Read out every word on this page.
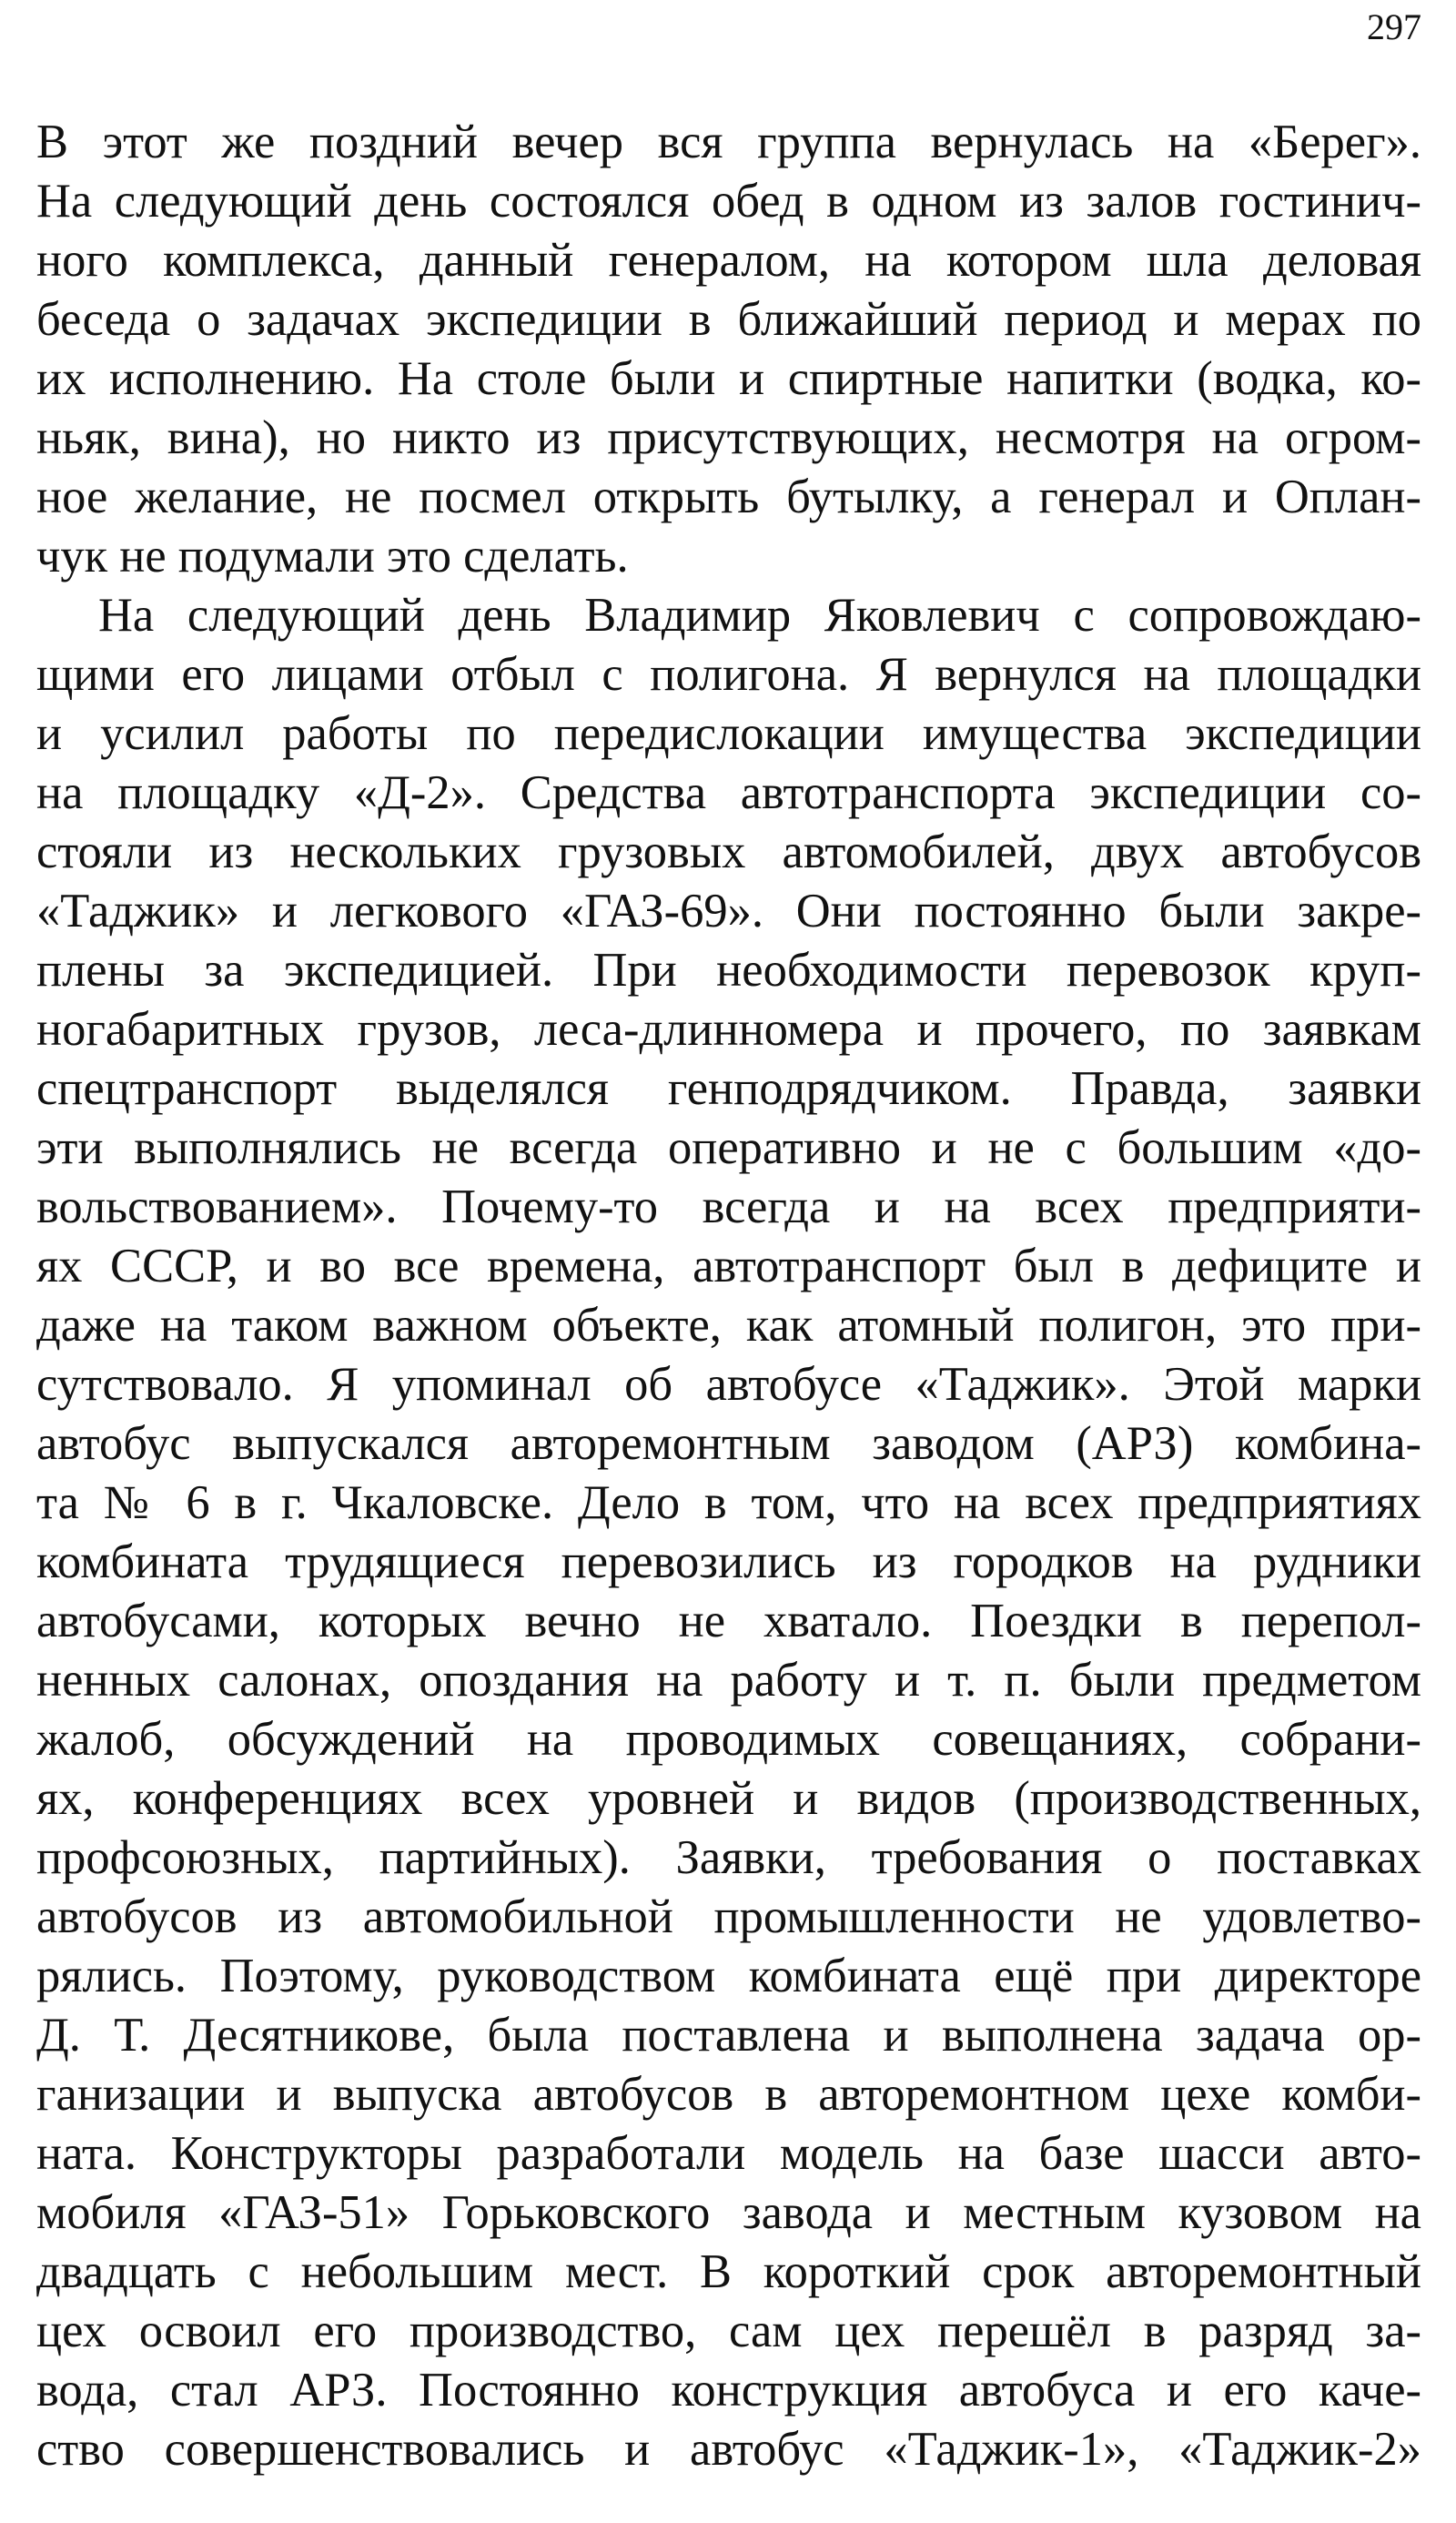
297
В этот же поздний вечер вся группа вернулась на «Берег».
На следующий день состоялся обед в одном из залов гостинич-
ного комплекса, данный генералом, на котором шла деловая
беседа о задачах экспедиции в ближайший период и мерах по
их исполнению. На столе были и спиртные напитки (водка, ко-
ньяк, вина), но никто из присутствующих, несмотря на огром-
ное желание, не посмел открыть бутылку, а генерал и Оплан-
чук не подумали это сделать.
На следующий день Владимир Яковлевич с сопровождаю-
щими его лицами отбыл с полигона. Я вернулся на площадки
и усилил работы по передислокации имущества экспедиции
на площадку «Д-2». Средства автотранспорта экспедиции со-
стояли из нескольких грузовых автомобилей, двух автобусов
«Таджик» и легкового «ГАЗ-69». Они постоянно были закре-
плены за экспедицией. При необходимости перевозок круп-
ногабаритных грузов, леса-длинномера и прочего, по заявкам
спецтранспорт выделялся генподрядчиком. Правда, заявки
эти выполнялись не всегда оперативно и не с большим «до-
вольствованием». Почему-то всегда и на всех предприяти-
ях СССР, и во все времена, автотранспорт был в дефиците и
даже на таком важном объекте, как атомный полигон, это при-
сутствовало. Я упоминал об автобусе «Таджик». Этой марки
автобус выпускался авторемонтным заводом (АРЗ) комбина-
та № 6 в г. Чкаловске. Дело в том, что на всех предприятиях
комбината трудящиеся перевозились из городков на рудники
автобусами, которых вечно не хватало. Поездки в перепол-
ненных салонах, опоздания на работу и т. п. были предметом
жалоб, обсуждений на проводимых совещаниях, собрани-
ях, конференциях всех уровней и видов (производственных,
профсоюзных, партийных). Заявки, требования о поставках
автобусов из автомобильной промышленности не удовлетво-
рялись. Поэтому, руководством комбината ещё при директоре
Д. Т. Десятникове, была поставлена и выполнена задача ор-
ганизации и выпуска автобусов в авторемонтном цехе комби-
ната. Конструкторы разработали модель на базе шасси авто-
мобиля «ГАЗ-51» Горьковского завода и местным кузовом на
двадцать с небольшим мест. В короткий срок авторемонтный
цех освоил его производство, сам цех перешёл в разряд за-
вода, стал АРЗ. Постоянно конструкция автобуса и его каче-
ство совершенствовались и автобус «Таджик-1», «Таджик-2»
